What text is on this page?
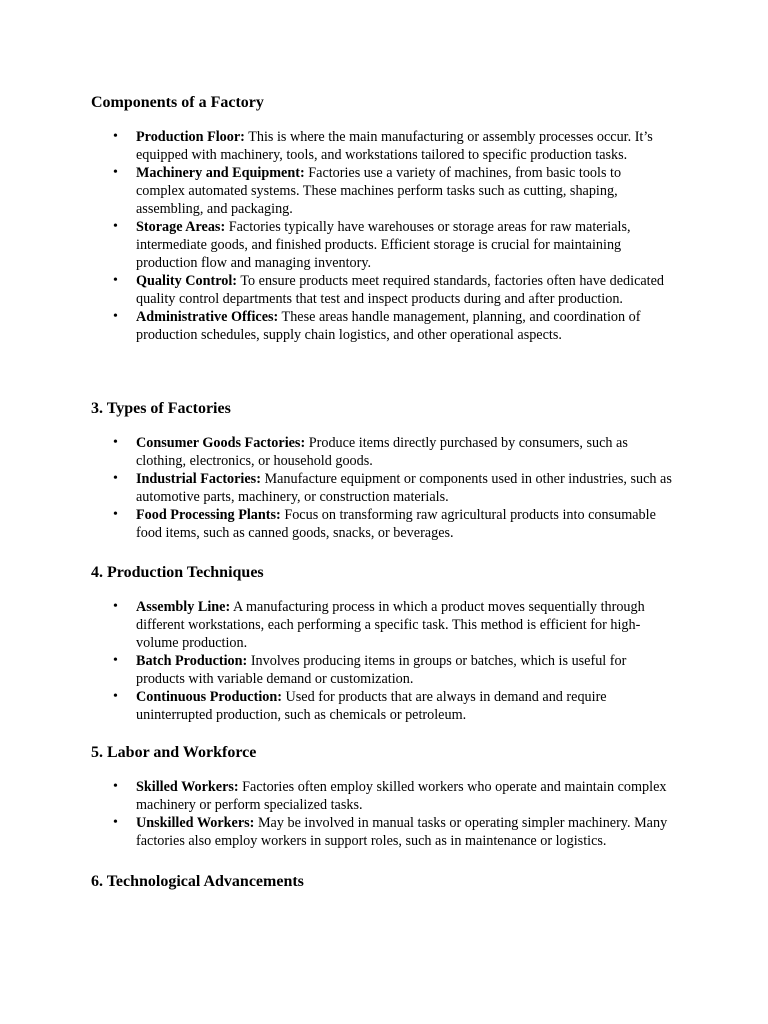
Components of a Factory
•	Production Floor: This is where the main manufacturing or assembly processes occur. It’s equipped with machinery, tools, and workstations tailored to specific production tasks.
•	Machinery and Equipment: Factories use a variety of machines, from basic tools to complex automated systems. These machines perform tasks such as cutting, shaping, assembling, and packaging.
•	Storage Areas: Factories typically have warehouses or storage areas for raw materials, intermediate goods, and finished products. Efficient storage is crucial for maintaining production flow and managing inventory.
•	Quality Control: To ensure products meet required standards, factories often have dedicated quality control departments that test and inspect products during and after production.
•	Administrative Offices: These areas handle management, planning, and coordination of production schedules, supply chain logistics, and other operational aspects.
3. Types of Factories
•	Consumer Goods Factories: Produce items directly purchased by consumers, such as clothing, electronics, or household goods.
•	Industrial Factories: Manufacture equipment or components used in other industries, such as automotive parts, machinery, or construction materials.
•	Food Processing Plants: Focus on transforming raw agricultural products into consumable food items, such as canned goods, snacks, or beverages.
4. Production Techniques
•	Assembly Line: A manufacturing process in which a product moves sequentially through different workstations, each performing a specific task. This method is efficient for high-volume production.
•	Batch Production: Involves producing items in groups or batches, which is useful for products with variable demand or customization.
•	Continuous Production: Used for products that are always in demand and require uninterrupted production, such as chemicals or petroleum.
5. Labor and Workforce
•	Skilled Workers: Factories often employ skilled workers who operate and maintain complex machinery or perform specialized tasks.
•	Unskilled Workers: May be involved in manual tasks or operating simpler machinery. Many factories also employ workers in support roles, such as in maintenance or logistics.
6. Technological Advancements
